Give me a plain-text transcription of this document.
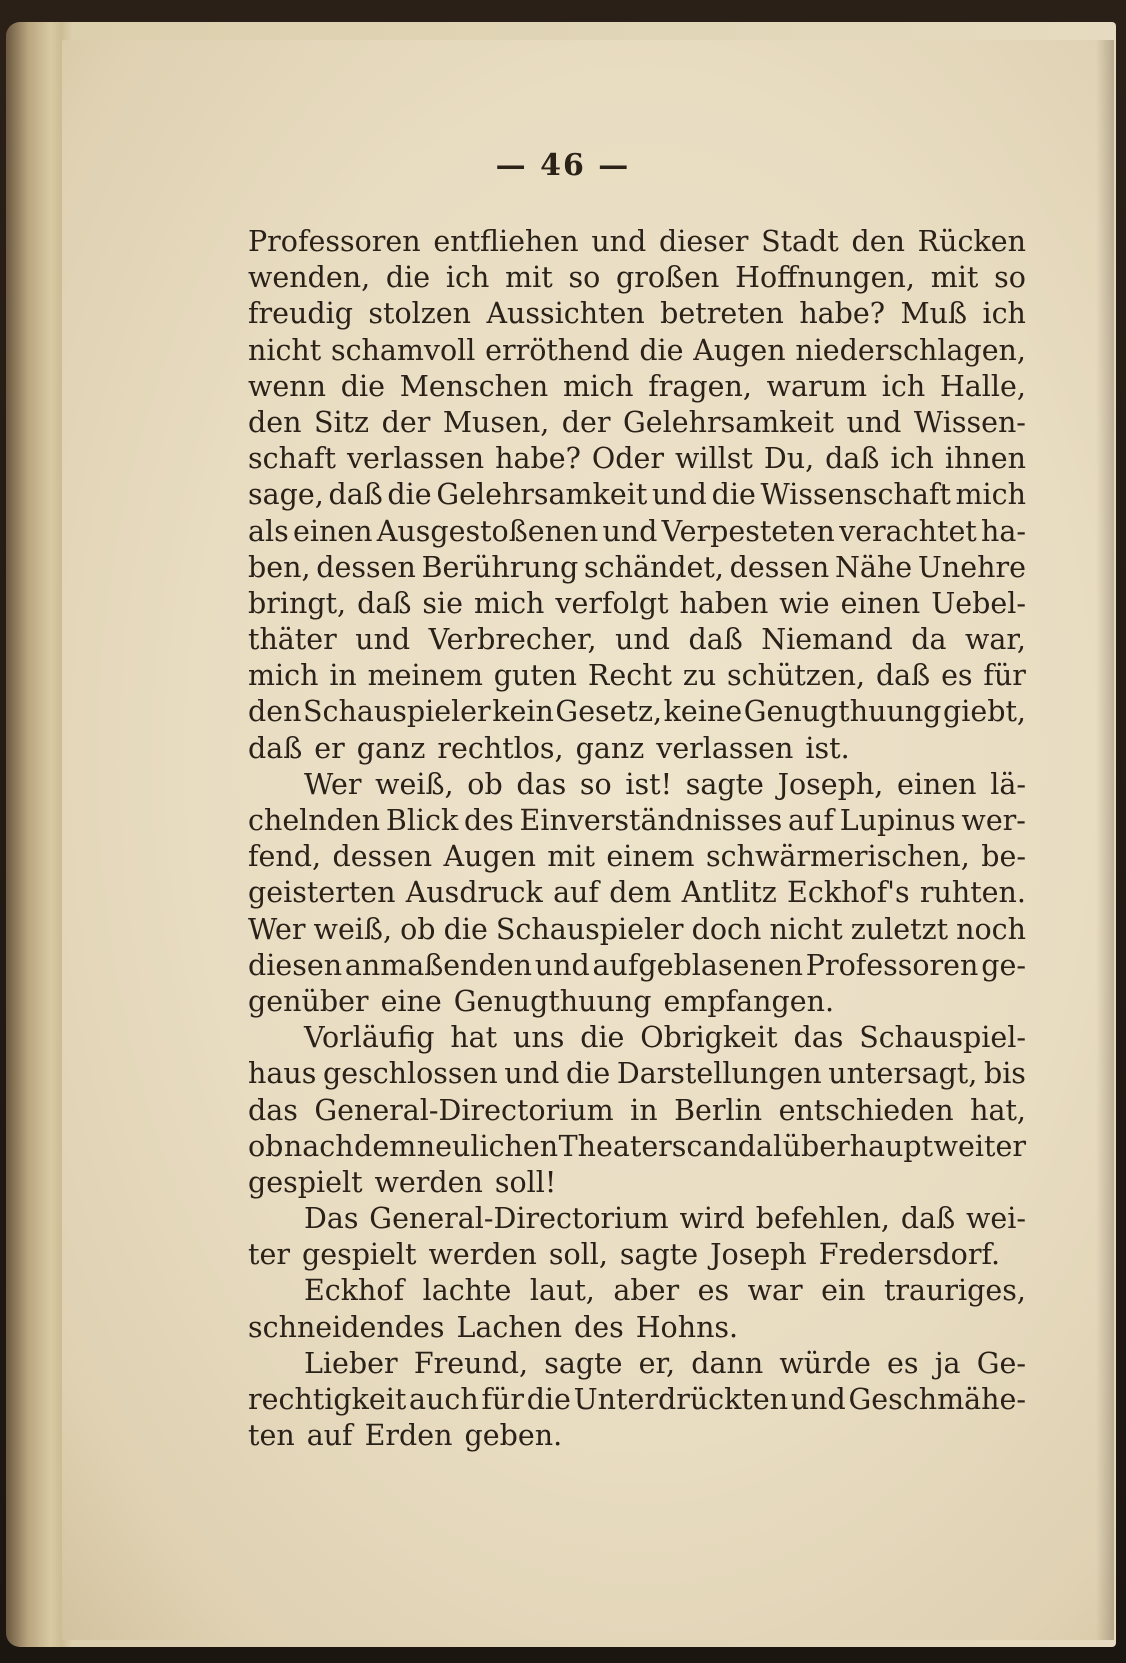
— 46 —
Professoren entfliehen und dieser Stadt den Rücken
wenden, die ich mit so großen Hoffnungen, mit so
freudig stolzen Aussichten betreten habe? Muß ich
nicht schamvoll erröthend die Augen niederschlagen,
wenn die Menschen mich fragen, warum ich Halle,
den Sitz der Musen, der Gelehrsamkeit und Wissen-
schaft verlassen habe? Oder willst Du, daß ich ihnen
sage, daß die Gelehrsamkeit und die Wissenschaft mich
als einen Ausgestoßenen und Verpesteten verachtet ha-
ben, dessen Berührung schändet, dessen Nähe Unehre
bringt, daß sie mich verfolgt haben wie einen Uebel-
thäter und Verbrecher, und daß Niemand da war,
mich in meinem guten Recht zu schützen, daß es für
den Schauspieler kein Gesetz, keine Genugthuung giebt,
daß er ganz rechtlos, ganz verlassen ist.
Wer weiß, ob das so ist! sagte Joseph, einen lä-
chelnden Blick des Einverständnisses auf Lupinus wer-
fend, dessen Augen mit einem schwärmerischen, be-
geisterten Ausdruck auf dem Antlitz Eckhof's ruhten.
Wer weiß, ob die Schauspieler doch nicht zuletzt noch
diesen anmaßenden und aufgeblasenen Professoren ge-
genüber eine Genugthuung empfangen.
Vorläufig hat uns die Obrigkeit das Schauspiel-
haus geschlossen und die Darstellungen untersagt, bis
das General-Directorium in Berlin entschieden hat,
ob nach dem neulichen Theaterscandal überhaupt weiter
gespielt werden soll!
Das General-Directorium wird befehlen, daß wei-
ter gespielt werden soll, sagte Joseph Fredersdorf.
Eckhof lachte laut, aber es war ein trauriges,
schneidendes Lachen des Hohns.
Lieber Freund, sagte er, dann würde es ja Ge-
rechtigkeit auch für die Unterdrückten und Geschmähe-
ten auf Erden geben.
